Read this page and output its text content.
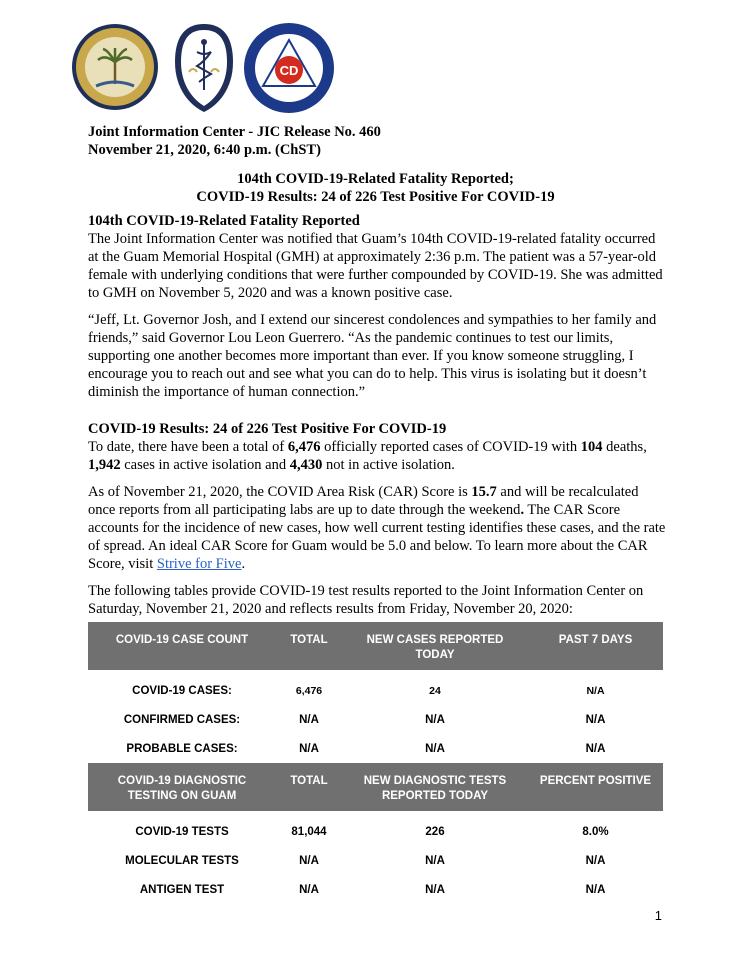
CD
Joint Information Center - JIC Release No. 460
November 21, 2020, 6:40 p.m. (ChST)
104th COVID-19-Related Fatality Reported;
COVID-19 Results: 24 of 226 Test Positive For COVID-19
104th COVID-19-Related Fatality Reported

The Joint Information Center was notified that Guam’s 104th COVID-19-related fatality occurred at the Guam Memorial Hospital (GMH) at approximately 2:36 p.m. The patient was a 57-year-old female with underlying conditions that were further compounded by COVID-19. She was admitted to GMH on November 5, 2020 and was a known positive case.

“Jeff, Lt. Governor Josh, and I extend our sincerest condolences and sympathies to her family and friends,” said Governor Lou Leon Guerrero. “As the pandemic continues to test our limits, supporting one another becomes more important than ever. If you know someone struggling, I encourage you to reach out and see what you can do to help. This virus is isolating but it doesn’t diminish the importance of human connection.”

COVID-19 Results: 24 of 226 Test Positive For COVID-19

To date, there have been a total of 6,476 officially reported cases of COVID-19 with 104 deaths, 1,942 cases in active isolation and 4,430 not in active isolation.

As of November 21, 2020, the COVID Area Risk (CAR) Score is 15.7 and will be recalculated once reports from all participating labs are up to date through the weekend. The CAR Score accounts for the incidence of new cases, how well current testing identifies these cases, and the rate of spread. An ideal CAR Score for Guam would be 5.0 and below. To learn more about the CAR Score, visit Strive for Five.

The following tables provide COVID-19 test results reported to the Joint Information Center on Saturday, November 21, 2020 and reflects results from Friday, November 20, 2020:

COVID-19 CASE COUNT	TOTAL	NEW CASES REPORTED TODAY	PAST 7 DAYS
COVID-19 CASES:	6,476	24	N/A
CONFIRMED CASES:	N/A	N/A	N/A
PROBABLE CASES:	N/A	N/A	N/A
COVID-19 DIAGNOSTIC TESTING ON GUAM	TOTAL	NEW DIAGNOSTIC TESTS REPORTED TODAY	PERCENT POSITIVE
COVID-19 TESTS	81,044	226	8.0%
MOLECULAR TESTS	N/A	N/A	N/A
ANTIGEN TEST	N/A	N/A	N/A
1
